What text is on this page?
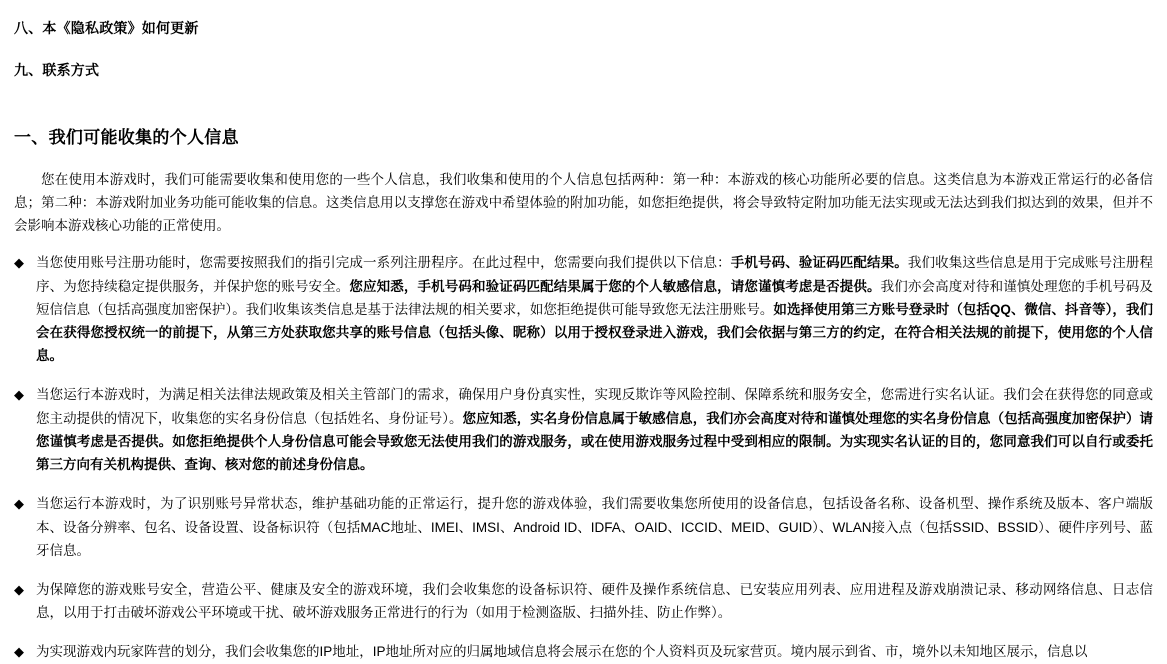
八、本《隐私政策》如何更新
九、联系方式
一、我们可能收集的个人信息

您在使用本游戏时，我们可能需要收集和使用您的一些个人信息，我们收集和使用的个人信息包括两种：第一种：本游戏的核心功能所必要的信息。这类信息为本游戏正常运行的必备信息；第二种：本游戏附加业务功能可能收集的信息。这类信息用以支撑您在游戏中希望体验的附加功能，如您拒绝提供，将会导致特定附加功能无法实现或无法达到我们拟达到的效果，但并不会影响本游戏核心功能的正常使用。

◆ 当您使用账号注册功能时，您需要按照我们的指引完成一系列注册程序。在此过程中，您需要向我们提供以下信息：手机号码、验证码匹配结果。我们收集这些信息是用于完成账号注册程序、为您持续稳定提供服务，并保护您的账号安全。您应知悉，手机号码和验证码匹配结果属于您的个人敏感信息，请您谨慎考虑是否提供。我们亦会高度对待和谨慎处理您的手机号码及短信信息（包括高强度加密保护）。我们收集该类信息是基于法律法规的相关要求，如您拒绝提供可能导致您无法注册账号。如选择使用第三方账号登录时（包括QQ、微信、抖音等），我们会在获得您授权统一的前提下，从第三方处获取您共享的账号信息（包括头像、昵称）以用于授权登录进入游戏，我们会依据与第三方的约定，在符合相关法规的前提下，使用您的个人信息。
◆ 当您运行本游戏时，为满足相关法律法规政策及相关主管部门的需求，确保用户身份真实性，实现反欺诈等风险控制、保障系统和服务安全，您需进行实名认证。我们会在获得您的同意或您主动提供的情况下，收集您的实名身份信息（包括姓名、身份证号）。您应知悉，实名身份信息属于敏感信息，我们亦会高度对待和谨慎处理您的实名身份信息（包括高强度加密保护）请您谨慎考虑是否提供。如您拒绝提供个人身份信息可能会导致您无法使用我们的游戏服务，或在使用游戏服务过程中受到相应的限制。为实现实名认证的目的，您同意我们可以自行或委托第三方向有关机构提供、查询、核对您的前述身份信息。
◆ 当您运行本游戏时，为了识别账号异常状态，维护基础功能的正常运行，提升您的游戏体验，我们需要收集您所使用的设备信息，包括设备名称、设备机型、操作系统及版本、客户端版本、设备分辨率、包名、设备设置、设备标识符（包括MAC地址、IMEI、IMSI、Android ID、IDFA、OAID、ICCID、MEID、GUID）、WLAN接入点（包括SSID、BSSID）、硬件序列号、蓝牙信息。
◆ 为保障您的游戏账号安全，营造公平、健康及安全的游戏环境，我们会收集您的设备标识符、硬件及操作系统信息、已安装应用列表、应用进程及游戏崩溃记录、移动网络信息、日志信息，以用于打击破坏游戏公平环境或干扰、破坏游戏服务正常进行的行为（如用于检测盗版、扫描外挂、防止作弊）。
◆ 为实现游戏内玩家阵营的划分，我们会收集您的IP地址，IP地址所对应的归属地域信息将会展示在您的个人资料页及玩家营页。境内展示到省、市，境外以未知地区展示，信息以
